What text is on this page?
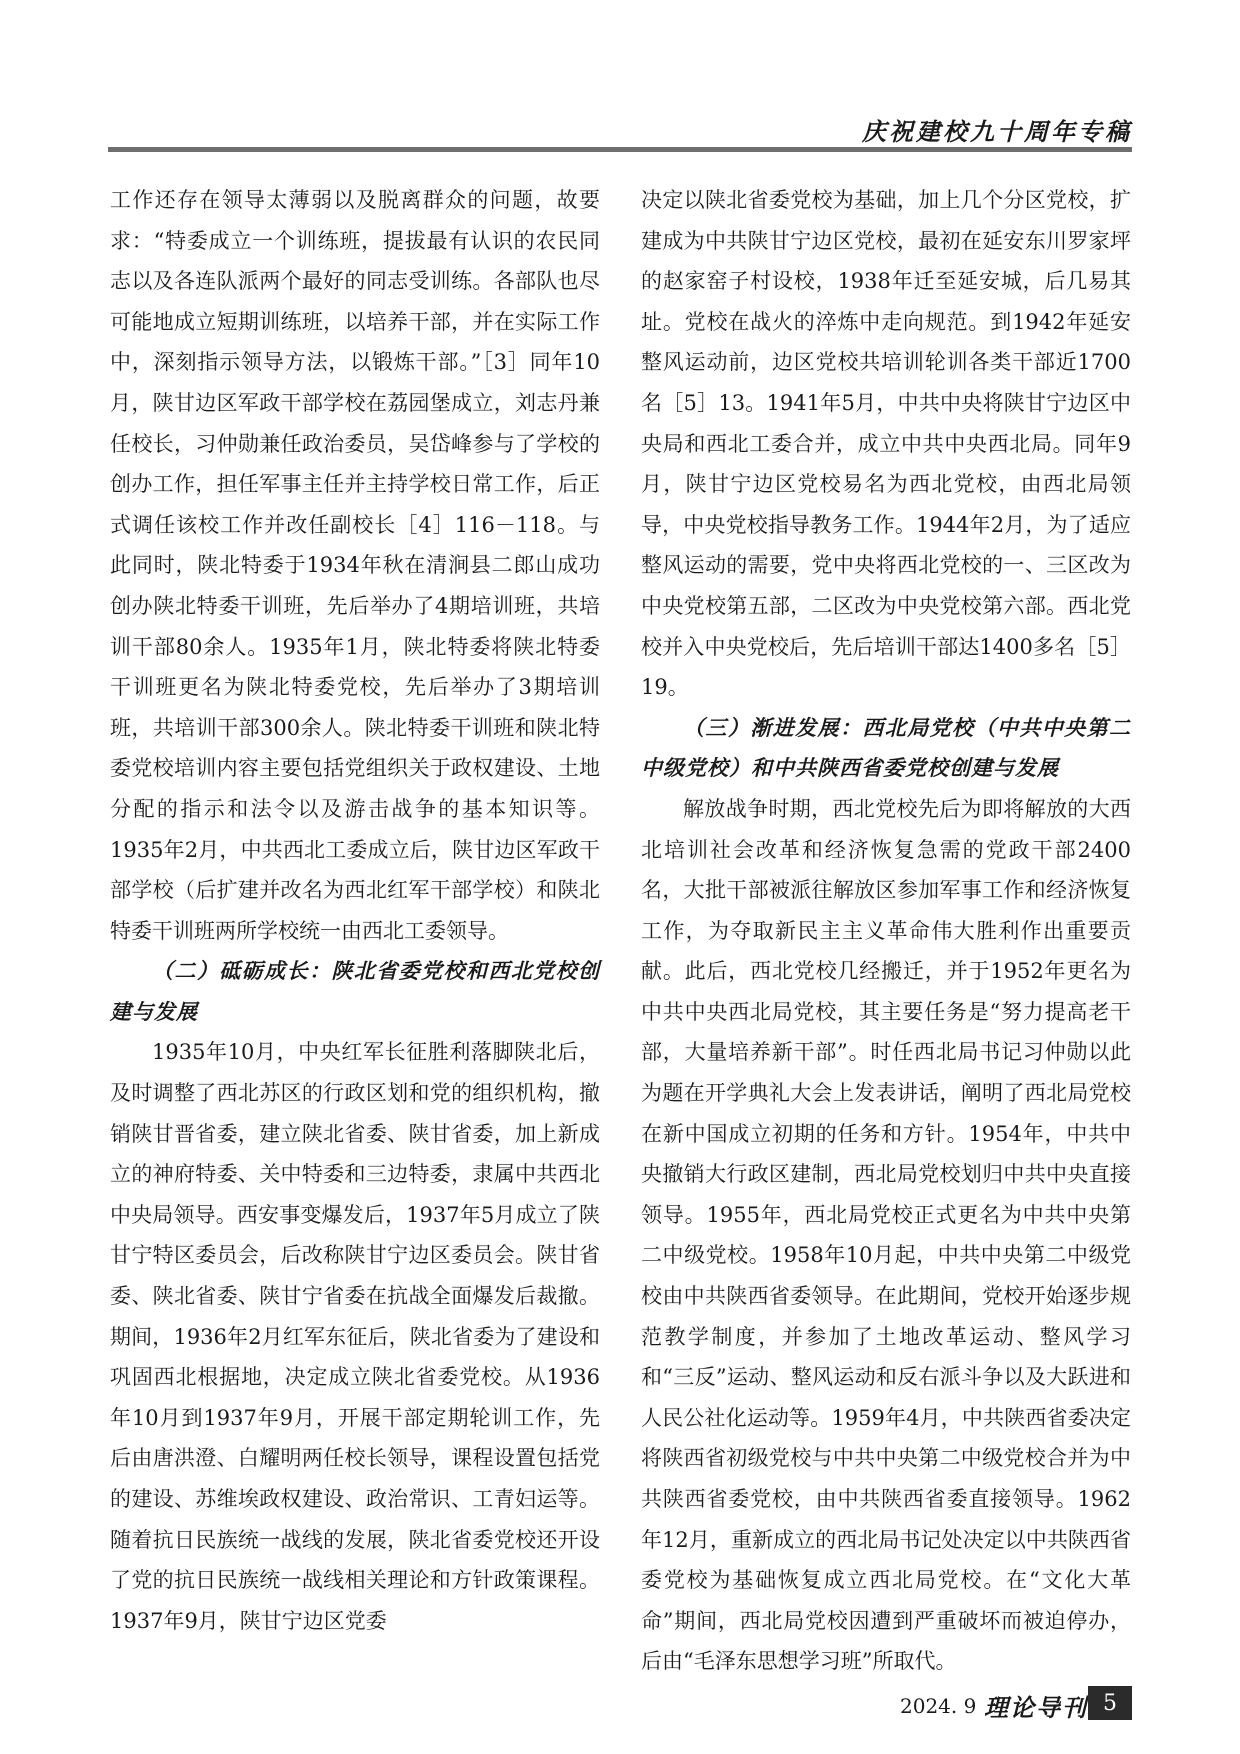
庆祝建校九十周年专稿

工作还存在领导太薄弱以及脱离群众的问题，故要求：“特委成立一个训练班，提拔最有认识的农民同志以及各连队派两个最好的同志受训练。各部队也尽可能地成立短期训练班，以培养干部，并在实际工作中，深刻指示领导方法，以锻炼干部。”［3］同年10月，陕甘边区军政干部学校在荔园堡成立，刘志丹兼任校长，习仲勋兼任政治委员，吴岱峰参与了学校的创办工作，担任军事主任并主持学校日常工作，后正式调任该校工作并改任副校长［4］116－118。与此同时，陕北特委于1934年秋在清涧县二郎山成功创办陕北特委干训班，先后举办了4期培训班，共培训干部80余人。1935年1月，陕北特委将陕北特委干训班更名为陕北特委党校，先后举办了3期培训班，共培训干部300余人。陕北特委干训班和陕北特委党校培训内容主要包括党组织关于政权建设、土地分配的指示和法令以及游击战争的基本知识等。1935年2月，中共西北工委成立后，陕甘边区军政干部学校（后扩建并改名为西北红军干部学校）和陕北特委干训班两所学校统一由西北工委领导。

（二）砥砺成长：陕北省委党校和西北党校创建与发展

1935年10月，中央红军长征胜利落脚陕北后，及时调整了西北苏区的行政区划和党的组织机构，撤销陕甘晋省委，建立陕北省委、陕甘省委，加上新成立的神府特委、关中特委和三边特委，隶属中共西北中央局领导。西安事变爆发后，1937年5月成立了陕甘宁特区委员会，后改称陕甘宁边区委员会。陕甘省委、陕北省委、陕甘宁省委在抗战全面爆发后裁撤。期间，1936年2月红军东征后，陕北省委为了建设和巩固西北根据地，决定成立陕北省委党校。从1936年10月到1937年9月，开展干部定期轮训工作，先后由唐洪澄、白耀明两任校长领导，课程设置包括党的建设、苏维埃政权建设、政治常识、工青妇运等。随着抗日民族统一战线的发展，陕北省委党校还开设了党的抗日民族统一战线相关理论和方针政策课程。1937年9月，陕甘宁边区党委

决定以陕北省委党校为基础，加上几个分区党校，扩建成为中共陕甘宁边区党校，最初在延安东川罗家坪的赵家窑子村设校，1938年迁至延安城，后几易其址。党校在战火的淬炼中走向规范。到1942年延安整风运动前，边区党校共培训轮训各类干部近1700名［5］13。1941年5月，中共中央将陕甘宁边区中央局和西北工委合并，成立中共中央西北局。同年9月，陕甘宁边区党校易名为西北党校，由西北局领导，中央党校指导教务工作。1944年2月，为了适应整风运动的需要，党中央将西北党校的一、三区改为中央党校第五部，二区改为中央党校第六部。西北党校并入中央党校后，先后培训干部达1400多名［5］19。

（三）渐进发展：西北局党校（中共中央第二中级党校）和中共陕西省委党校创建与发展

解放战争时期，西北党校先后为即将解放的大西北培训社会改革和经济恢复急需的党政干部2400名，大批干部被派往解放区参加军事工作和经济恢复工作，为夺取新民主主义革命伟大胜利作出重要贡献。此后，西北党校几经搬迁，并于1952年更名为中共中央西北局党校，其主要任务是“努力提高老干部，大量培养新干部”。时任西北局书记习仲勋以此为题在开学典礼大会上发表讲话，阐明了西北局党校在新中国成立初期的任务和方针。1954年，中共中央撤销大行政区建制，西北局党校划归中共中央直接领导。1955年，西北局党校正式更名为中共中央第二中级党校。1958年10月起，中共中央第二中级党校由中共陕西省委领导。在此期间，党校开始逐步规范教学制度，并参加了土地改革运动、整风学习和“三反”运动、整风运动和反右派斗争以及大跃进和人民公社化运动等。1959年4月，中共陕西省委决定将陕西省初级党校与中共中央第二中级党校合并为中共陕西省委党校，由中共陕西省委直接领导。1962年12月，重新成立的西北局书记处决定以中共陕西省委党校为基础恢复成立西北局党校。在“文化大革命”期间，西北局党校因遭到严重破坏而被迫停办，后由“毛泽东思想学习班”所取代。

2024. 9 理论导刊 5
